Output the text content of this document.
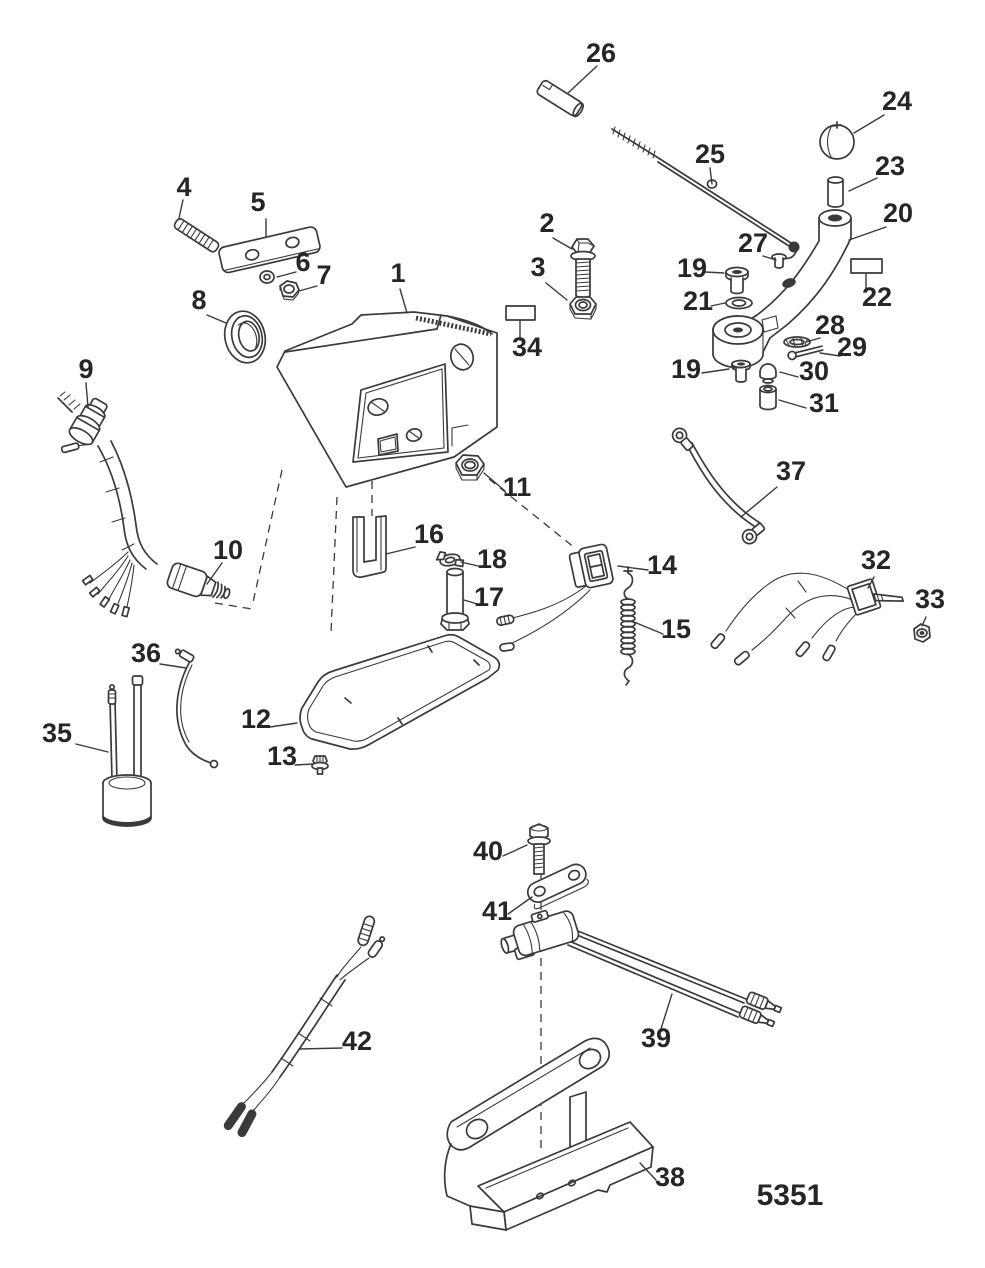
26
24
23
25
20
4 5
2
6
27
7	19
3
1
21
8
34
22
28
29
19	30
31
9
37
11
16
10	18	32
14
17	33
15
36
12
35
13
40
41
42	39
38
5351
